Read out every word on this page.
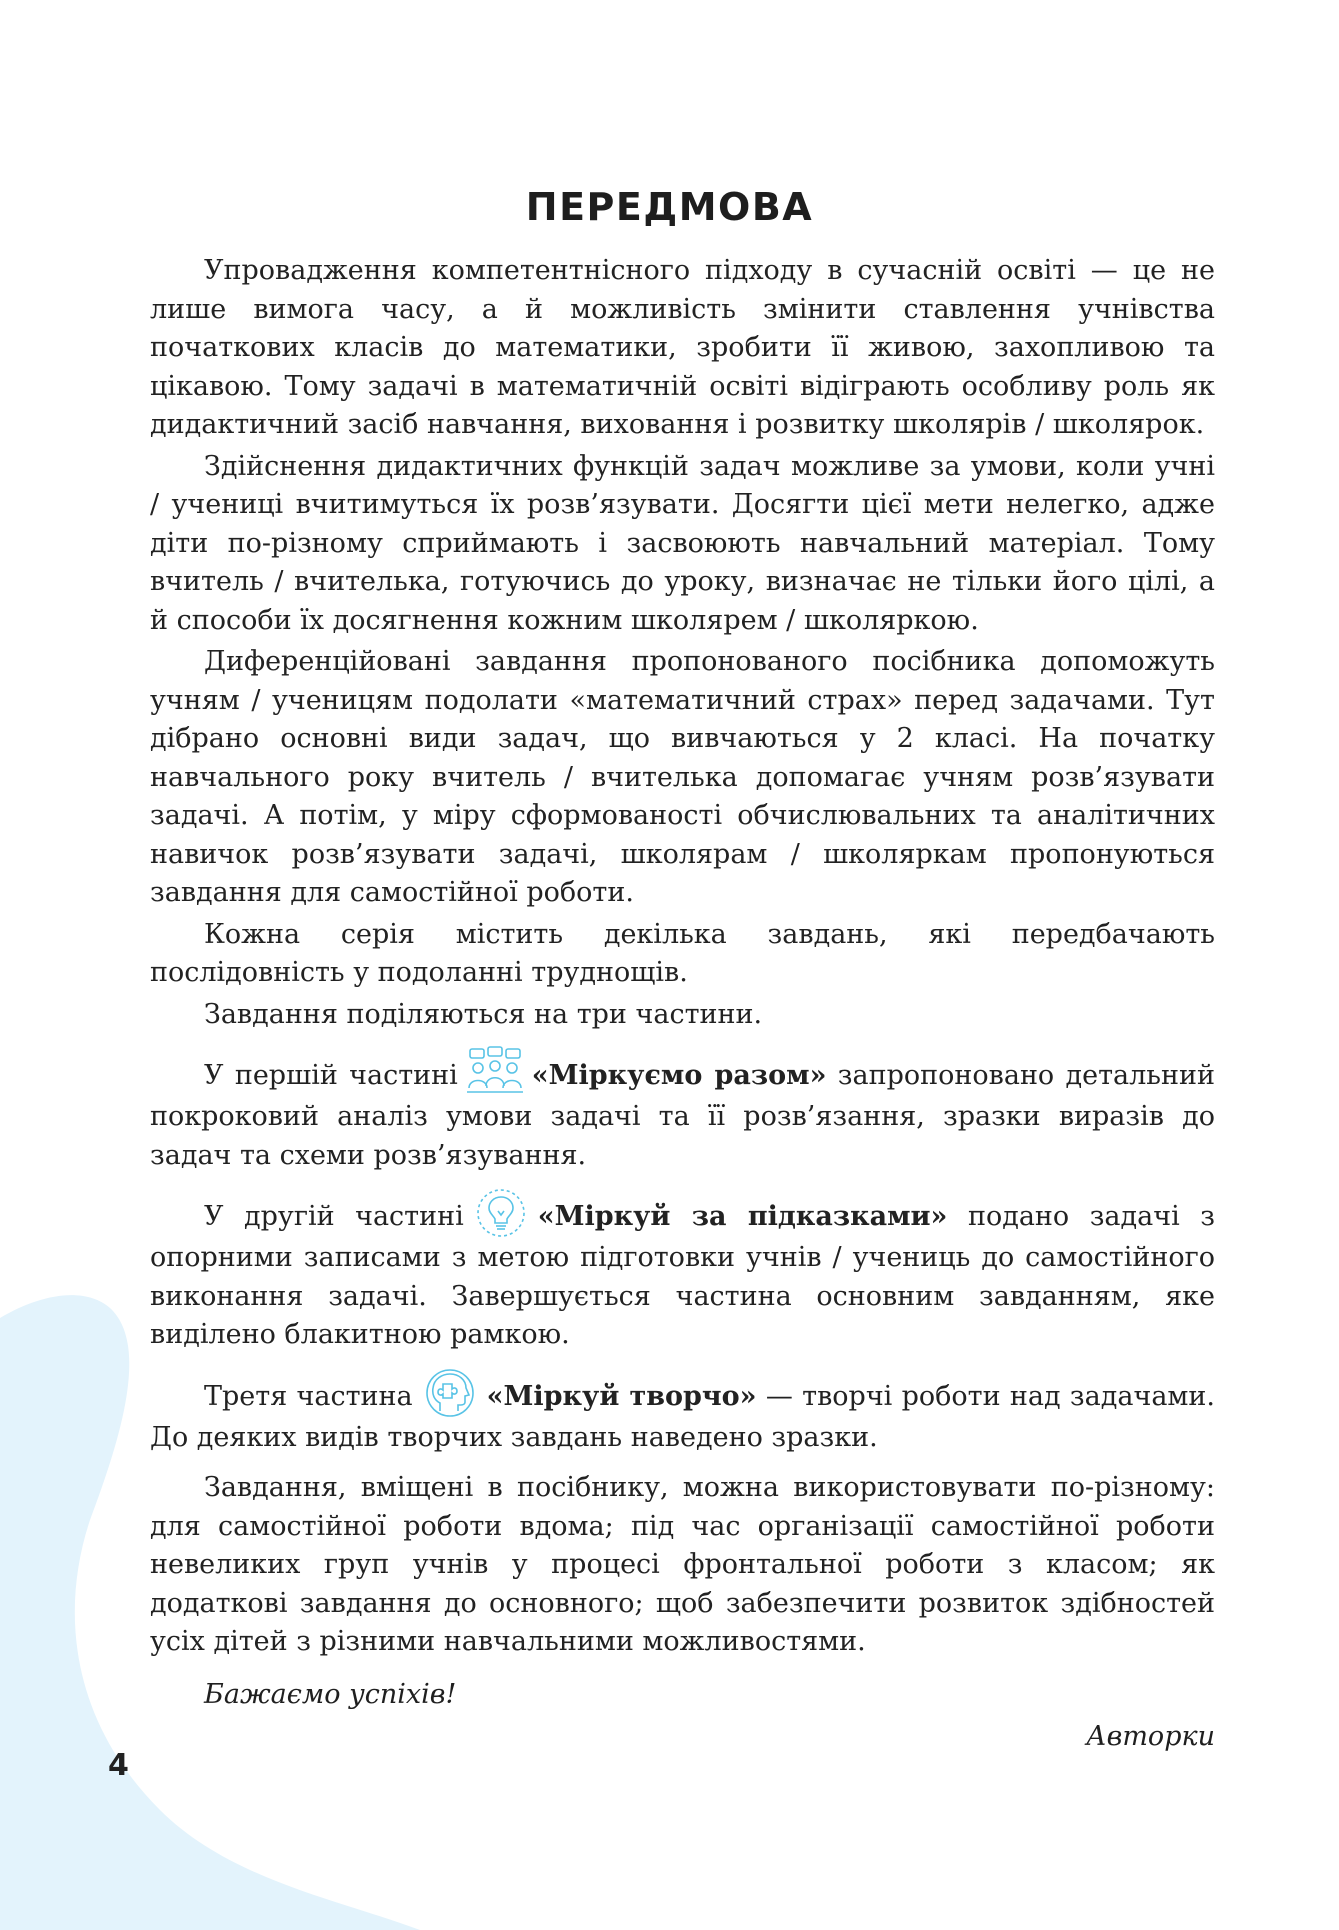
ПЕРЕДМОВА

Упровадження компетентнісного підходу в сучасній освіті — це не лише вимога часу, а й можливість змінити ставлення учнівства початкових класів до математики, зробити її живою, захопливою та цікавою. Тому задачі в математичній освіті відіграють особливу роль як дидактичний засіб навчання, виховання і розвитку школярів / школярок.

Здійснення дидактичних функцій задач можливе за умови, коли учні / учениці вчитимуться їх розв’язувати. Досягти цієї мети нелегко, адже діти по-різному сприймають і засвоюють навчальний матеріал. Тому вчитель / вчителька, готуючись до уроку, визначає не тільки його цілі, а й способи їх досягнення кожним школярем / школяркою.

Диференційовані завдання пропонованого посібника допоможуть учням / ученицям подолати «математичний страх» перед задачами. Тут дібрано основні види задач, що вивчаються у 2 класі. На початку навчального року вчитель / вчителька допомагає учням розв’язувати задачі. А потім, у міру сформованості обчислювальних та аналітичних навичок розв’язувати задачі, школярам / школяркам пропонуються завдання для самостійної роботи.

Кожна серія містить декілька завдань, які передбачають послідовність у подоланні труднощів.

Завдання поділяються на три частини.

У першій частині	«Міркуємо разом» запропоновано детальний покроковий аналіз умови задачі та її розв’язання, зразки виразів до задач та схеми розв’язування.

У другій частині	«Міркуй за підказками» подано задачі з опорними записами з метою підготовки учнів / учениць до самостійного виконання задачі. Завершується частина основним завданням, яке виділено блакитною рамкою.

Третя частина	«Міркуй творчо» — творчі роботи над задачами. До деяких видів творчих завдань наведено зразки.

Завдання, вміщені в посібнику, можна використовувати по-різному: для самостійної роботи вдома; під час організації самостійної роботи невеликих груп учнів у процесі фронтальної роботи з класом; як додаткові завдання до основного; щоб забезпечити розвиток здібностей усіх дітей з різними навчальними можливостями.

Бажаємо успіхів!

Авторки

4
